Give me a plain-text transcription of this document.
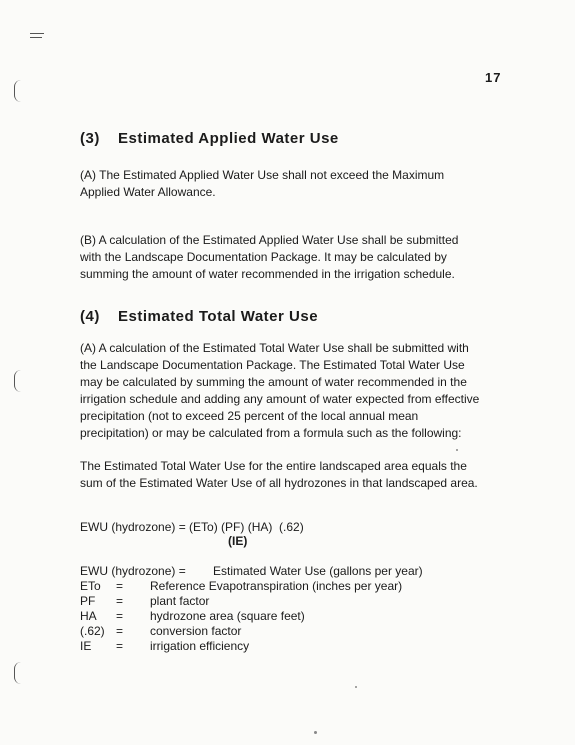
17
(3) Estimated Applied Water Use
(A) The Estimated Applied Water Use shall not exceed the Maximum Applied Water Allowance.
(B) A calculation of the Estimated Applied Water Use shall be submitted with the Landscape Documentation Package. It may be calculated by summing the amount of water recommended in the irrigation schedule.
(4) Estimated Total Water Use
(A) A calculation of the Estimated Total Water Use shall be submitted with the Landscape Documentation Package. The Estimated Total Water Use may be calculated by summing the amount of water recommended in the irrigation schedule and adding any amount of water expected from effective precipitation (not to exceed 25 percent of the local annual mean precipitation) or may be calculated from a formula such as the following:
The Estimated Total Water Use for the entire landscaped area equals the sum of the Estimated Water Use of all hydrozones in that landscaped area.
EWU (hydrozone) = (ETo) (PF) (HA)  (.62)
(IE)
EWU (hydrozone) = Estimated Water Use (gallons per year)
ETo = Reference Evapotranspiration (inches per year)
PF = plant factor
HA = hydrozone area (square feet)
(.62) = conversion factor
IE = irrigation efficiency
